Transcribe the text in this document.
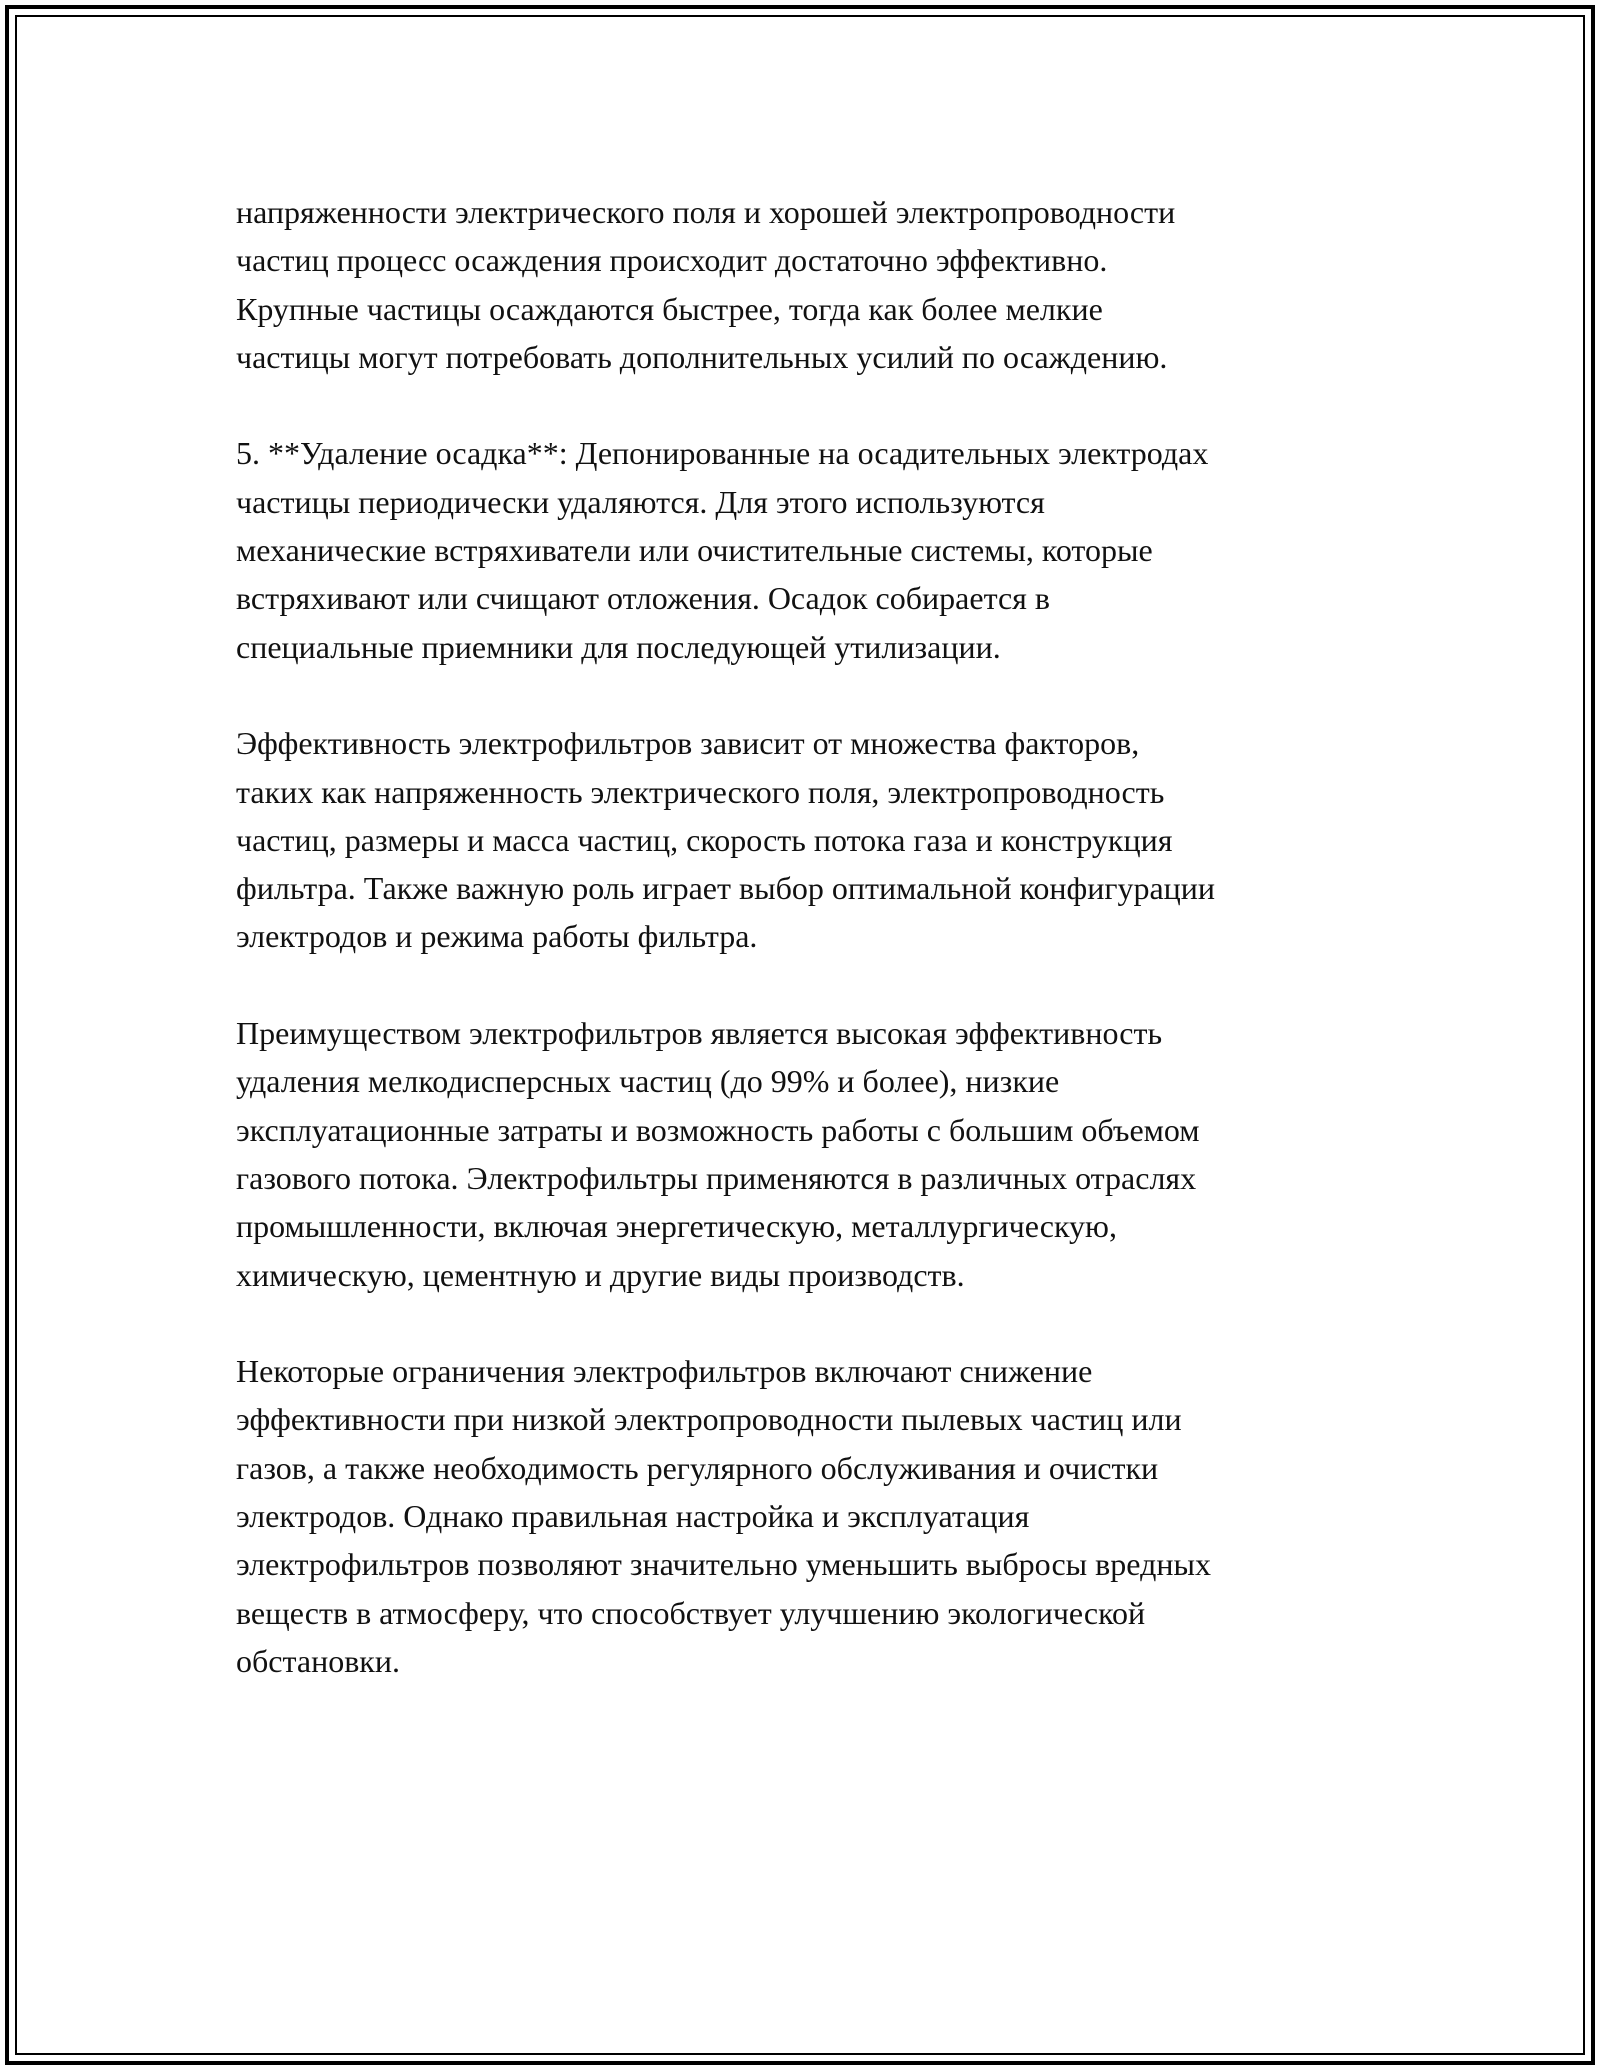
напряженности электрического поля и хорошей электропроводности
частиц процесс осаждения происходит достаточно эффективно.
Крупные частицы осаждаются быстрее, тогда как более мелкие
частицы могут потребовать дополнительных усилий по осаждению.
5. **Удаление осадка**: Депонированные на осадительных электродах
частицы периодически удаляются. Для этого используются
механические встряхиватели или очистительные системы, которые
встряхивают или счищают отложения. Осадок собирается в
специальные приемники для последующей утилизации.
Эффективность электрофильтров зависит от множества факторов,
таких как напряженность электрического поля, электропроводность
частиц, размеры и масса частиц, скорость потока газа и конструкция
фильтра. Также важную роль играет выбор оптимальной конфигурации
электродов и режима работы фильтра.
Преимуществом электрофильтров является высокая эффективность
удаления мелкодисперсных частиц (до 99% и более), низкие
эксплуатационные затраты и возможность работы с большим объемом
газового потока. Электрофильтры применяются в различных отраслях
промышленности, включая энергетическую, металлургическую,
химическую, цементную и другие виды производств.
Некоторые ограничения электрофильтров включают снижение
эффективности при низкой электропроводности пылевых частиц или
газов, а также необходимость регулярного обслуживания и очистки
электродов. Однако правильная настройка и эксплуатация
электрофильтров позволяют значительно уменьшить выбросы вредных
веществ в атмосферу, что способствует улучшению экологической
обстановки.
